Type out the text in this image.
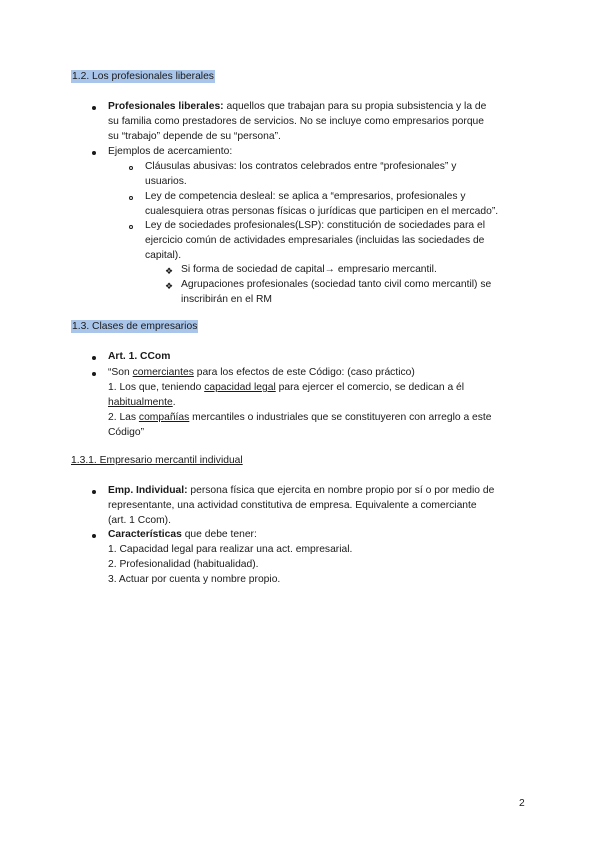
1.2. Los profesionales liberales
Profesionales liberales: aquellos que trabajan para su propia subsistencia y la de
su familia como prestadores de servicios. No se incluye como empresarios porque
su “trabajo” depende de su “persona”.
Ejemplos de acercamiento:
Cláusulas abusivas: los contratos celebrados entre “profesionales” y
usuarios.
Ley de competencia desleal: se aplica a “empresarios, profesionales y
cualesquiera otras personas físicas o jurídicas que participen en el mercado”.
Ley de sociedades profesionales(LSP): constitución de sociedades para el
ejercicio común de actividades empresariales (incluidas las sociedades de
capital).
❖ Si forma de sociedad de capital→ empresario mercantil.
❖ Agrupaciones profesionales (sociedad tanto civil como mercantil) se
inscribirán en el RM
1.3. Clases de empresarios
Art. 1. CCom
“Son comerciantes para los efectos de este Código: (caso práctico)
1. Los que, teniendo capacidad legal para ejercer el comercio, se dedican a él
habitualmente.
2. Las compañías mercantiles o industriales que se constituyeren con arreglo a este
Código”
1.3.1. Empresario mercantil individual
Emp. Individual: persona física que ejercita en nombre propio por sí o por medio de
representante, una actividad constitutiva de empresa. Equivalente a comerciante
(art. 1 Ccom).
Características que debe tener:
1. Capacidad legal para realizar una act. empresarial.
2. Profesionalidad (habitualidad).
3. Actuar por cuenta y nombre propio.
2
